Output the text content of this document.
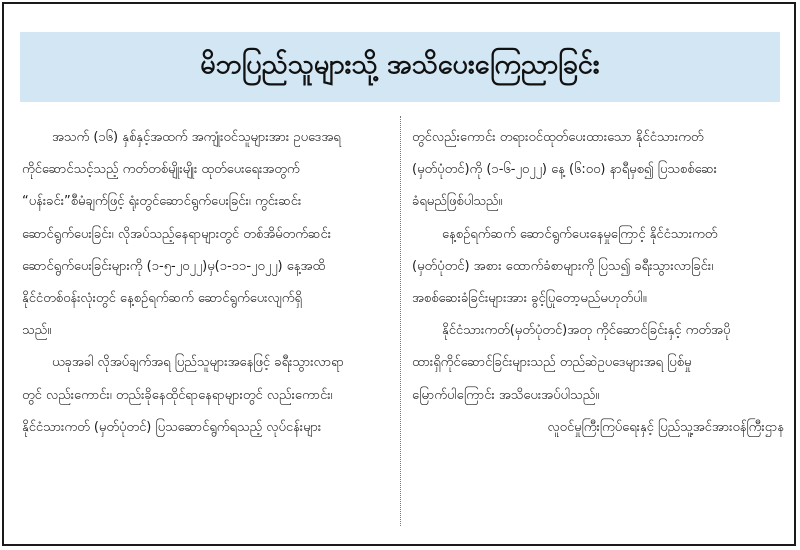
မိဘပြည်သူများသို့ အသိပေးကြေညာခြင်း
အသက် (၁၆) နှစ်နှင့်အထက် အကျုံးဝင်သူများအား ဥပဒေအရ
ကိုင်ဆောင်သင့်သည့် ကတ်တစ်မျိုးမျိုး ထုတ်ပေးရေးအတွက်
“ပန်းခင်း”စီမံချက်ဖြင့် ရုံးတွင်ဆောင်ရွက်ပေးခြင်း၊ ကွင်းဆင်း
ဆောင်ရွက်ပေးခြင်း၊ လိုအပ်သည့်နေရာများတွင် တစ်အိမ်တက်ဆင်း
ဆောင်ရွက်ပေးခြင်းများကို (၁-၅-၂၀၂၂)မှ(၁-၁၁-၂၀၂၂) နေ့အထိ
နိုင်ငံတစ်ဝန်းလုံးတွင် နေ့စဉ်ရက်ဆက် ဆောင်ရွက်ပေးလျက်ရှိ
သည်။
ယခုအခါ လိုအပ်ချက်အရ ပြည်သူများအနေဖြင့် ခရီးသွားလာရာ
တွင် လည်းကောင်း၊ တည်းခိုနေထိုင်ရာနေရာများတွင် လည်းကောင်း၊
နိုင်ငံသားကတ် (မှတ်ပုံတင်) ပြသဆောင်ရွက်ရသည့် လုပ်ငန်းများ
တွင်လည်းကောင်း တရားဝင်ထုတ်ပေးထားသော နိုင်ငံသားကတ်
(မှတ်ပုံတင်)ကို (၁-၆-၂၀၂၂) နေ့ (၆:၀၀) နာရီမှစ၍ ပြသစစ်ဆေး
ခံရမည်ဖြစ်ပါသည်။
နေ့စဉ်ရက်ဆက် ဆောင်ရွက်ပေးနေမှုကြောင့် နိုင်ငံသားကတ်
(မှတ်ပုံတင်) အစား ထောက်ခံစာများကို ပြသ၍ ခရီးသွားလာခြင်း၊
အစစ်ဆေးခံခြင်းများအား ခွင့်ပြုတော့မည်မဟုတ်ပါ။
နိုင်ငံသားကတ်(မှတ်ပုံတင်)အတု ကိုင်ဆောင်ခြင်းနှင့် ကတ်အပို
ထားရှိကိုင်ဆောင်ခြင်းများသည် တည်ဆဲဥပဒေများအရ ပြစ်မှု
မြောက်ပါကြောင်း အသိပေးအပ်ပါသည်။
လူဝင်မှုကြီးကြပ်ရေးနှင့် ပြည်သူ့အင်အားဝန်ကြီးဌာန
